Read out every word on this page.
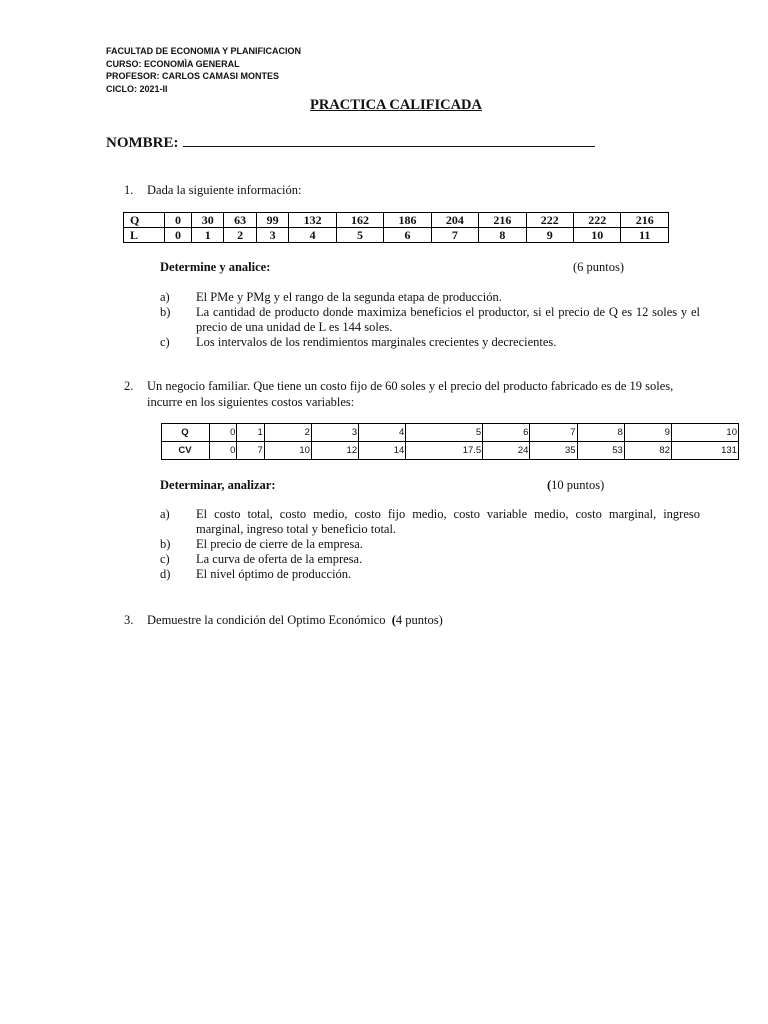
FACULTAD DE ECONOMIA Y PLANIFICACION
CURSO: ECONOMÌA GENERAL
PROFESOR: CARLOS CAMASI MONTES
CICLO: 2021-II
PRACTICA CALIFICADA
NOMBRE:
1. Dada la siguiente información:
Q	0	30	63	99	132	162	186	204	216	222	222	216
L	0	1	2	3	4	5	6	7	8	9	10	11
Determine y analice:	(6 puntos)
a)	El PMe y PMg y el rango de la segunda etapa de producción.
b)	La cantidad de producto donde maximiza beneficios el productor, si el precio de Q es 12 soles y el precio de una unidad de L es 144 soles.
c)	Los intervalos de los rendimientos marginales crecientes y decrecientes.
2. Un negocio familiar. Que tiene un costo fijo de 60 soles y el precio del producto fabricado es de 19 soles,
incurre en los siguientes costos variables:
Q	0	1	2	3	4	5	6	7	8	9	10
CV	0	7	10	12	14	17.5	24	35	53	82	131
Determinar, analizar:	(10 puntos)
a)	El costo total, costo medio, costo fijo medio, costo variable medio, costo marginal, ingreso marginal, ingreso total y beneficio total.
b)	El precio de cierre de la empresa.
c)	La curva de oferta de la empresa.
d)	El nivel óptimo de producción.
3. Demuestre la condición del Optimo Económico (4 puntos)
